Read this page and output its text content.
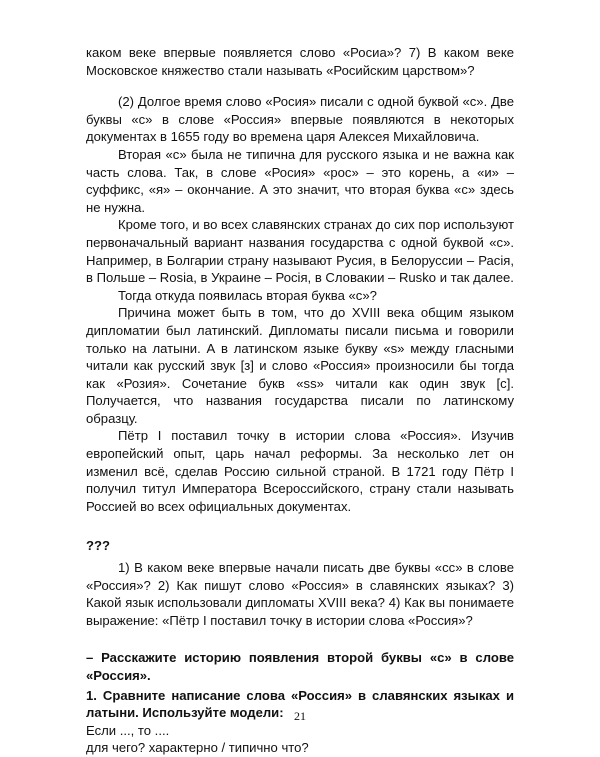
каком веке впервые появляется слово «Росиа»? 7) В каком веке Московское княжество стали называть «Росийским царством»?

(2) Долгое время слово «Росия» писали с одной буквой «с». Две буквы «с» в слове «Россия» впервые появляются в некоторых документах в 1655 году во времена царя Алексея Михайловича.

Вторая «с» была не типична для русского языка и не важна как часть слова. Так, в слове «Росия» «рос» – это корень, а «и» – суффикс, «я» – окончание. А это значит, что вторая буква «с» здесь не нужна.

Кроме того, и во всех славянских странах до сих пор используют первоначальный вариант названия государства с одной буквой «с». Например, в Болгарии страну называют Русия, в Белоруссии – Расія, в Польше – Rosia, в Украине – Росія, в Словакии – Rusko и так далее.

Тогда откуда появилась вторая буква «с»?

Причина может быть в том, что до XVIII века общим языком дипломатии был латинский. Дипломаты писали письма и говорили только на латыни. А в латинском языке букву «s» между гласными читали как русский звук [з] и слово «Россия» произносили бы тогда как «Розия». Сочетание букв «ss» читали как один звук [с]. Получается, что названия государства писали по латинскому образцу.

Пётр I поставил точку в истории слова «Россия». Изучив европейский опыт, царь начал реформы. За несколько лет он изменил всё, сделав Россию сильной страной. В 1721 году Пётр I получил титул Императора Всероссийского, страну стали называть Россией во всех официальных документах.

???

1) В каком веке впервые начали писать две буквы «сс» в слове «Россия»? 2) Как пишут слово «Россия» в славянских языках? 3) Какой язык использовали дипломаты XVIII века? 4) Как вы понимаете выражение: «Пётр I поставил точку в истории слова «Россия»?

– Расскажите историю появления второй буквы «с» в слове «Россия».

1. Сравните написание слова «Россия» в славянских языках и латыни. Используйте модели:

Если ..., то ....

для чего? характерно / типично что?

21
